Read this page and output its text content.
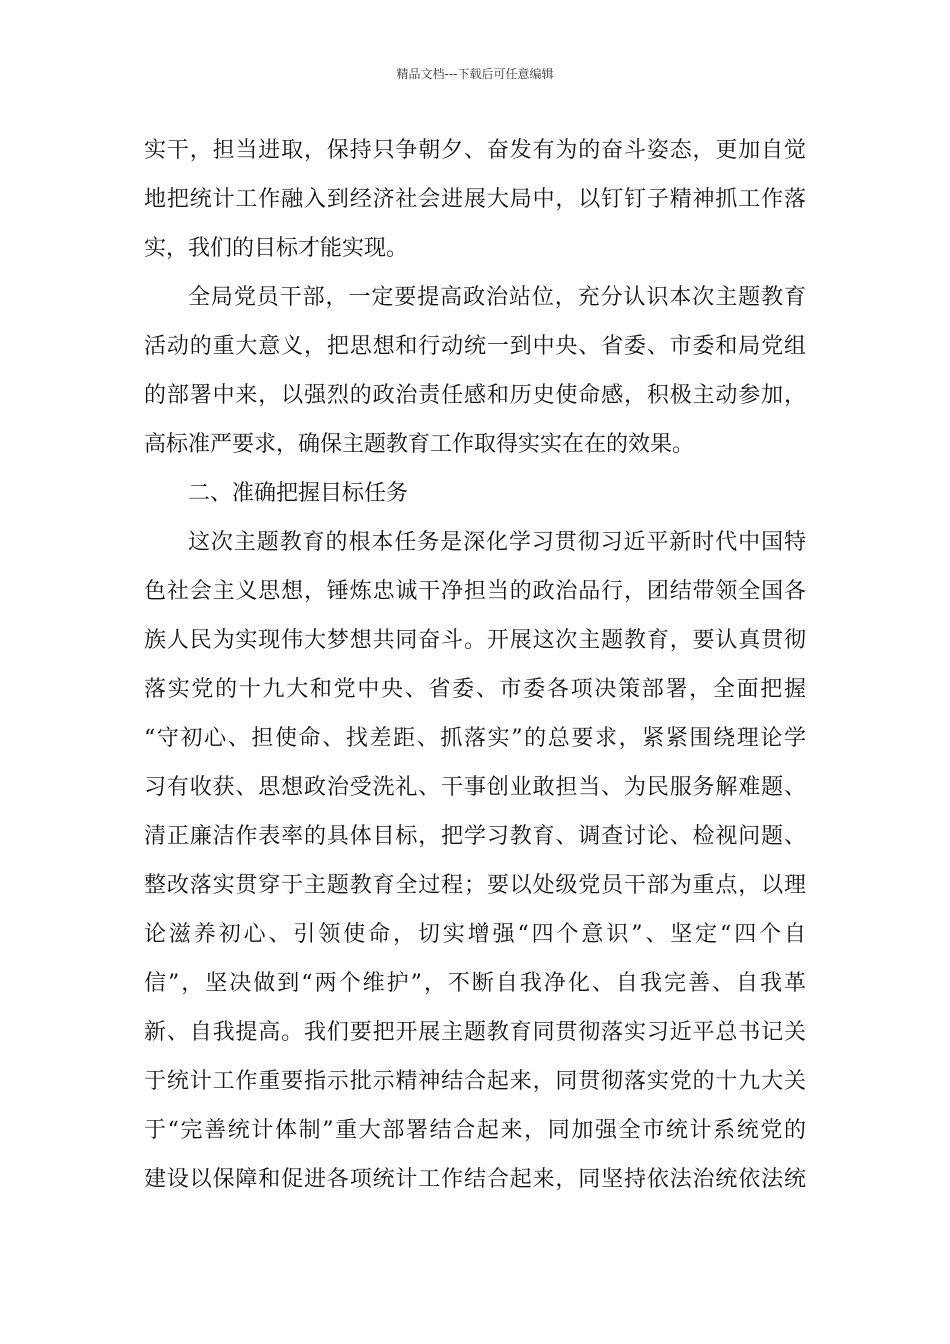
精品文档---下载后可任意编辑
实干，担当进取，保持只争朝夕、奋发有为的奋斗姿态，更加自觉
地把统计工作融入到经济社会进展大局中，以钉钉子精神抓工作落
实，我们的目标才能实现。
全局党员干部，一定要提高政治站位，充分认识本次主题教育
活动的重大意义，把思想和行动统一到中央、省委、市委和局党组
的部署中来，以强烈的政治责任感和历史使命感，积极主动参加，
高标准严要求，确保主题教育工作取得实实在在的效果。
二、准确把握目标任务
这次主题教育的根本任务是深化学习贯彻习近平新时代中国特
色社会主义思想，锤炼忠诚干净担当的政治品行，团结带领全国各
族人民为实现伟大梦想共同奋斗。开展这次主题教育，要认真贯彻
落实党的十九大和党中央、省委、市委各项决策部署，全面把握
“守初心、担使命、找差距、抓落实”的总要求，紧紧围绕理论学
习有收获、思想政治受洗礼、干事创业敢担当、为民服务解难题、
清正廉洁作表率的具体目标，把学习教育、调查讨论、检视问题、
整改落实贯穿于主题教育全过程；要以处级党员干部为重点，以理
论滋养初心、引领使命，切实增强“四个意识”、坚定“四个自
信”，坚决做到“两个维护”，不断自我净化、自我完善、自我革
新、自我提高。我们要把开展主题教育同贯彻落实习近平总书记关
于统计工作重要指示批示精神结合起来，同贯彻落实党的十九大关
于“完善统计体制”重大部署结合起来，同加强全市统计系统党的
建设以保障和促进各项统计工作结合起来，同坚持依法治统依法统
